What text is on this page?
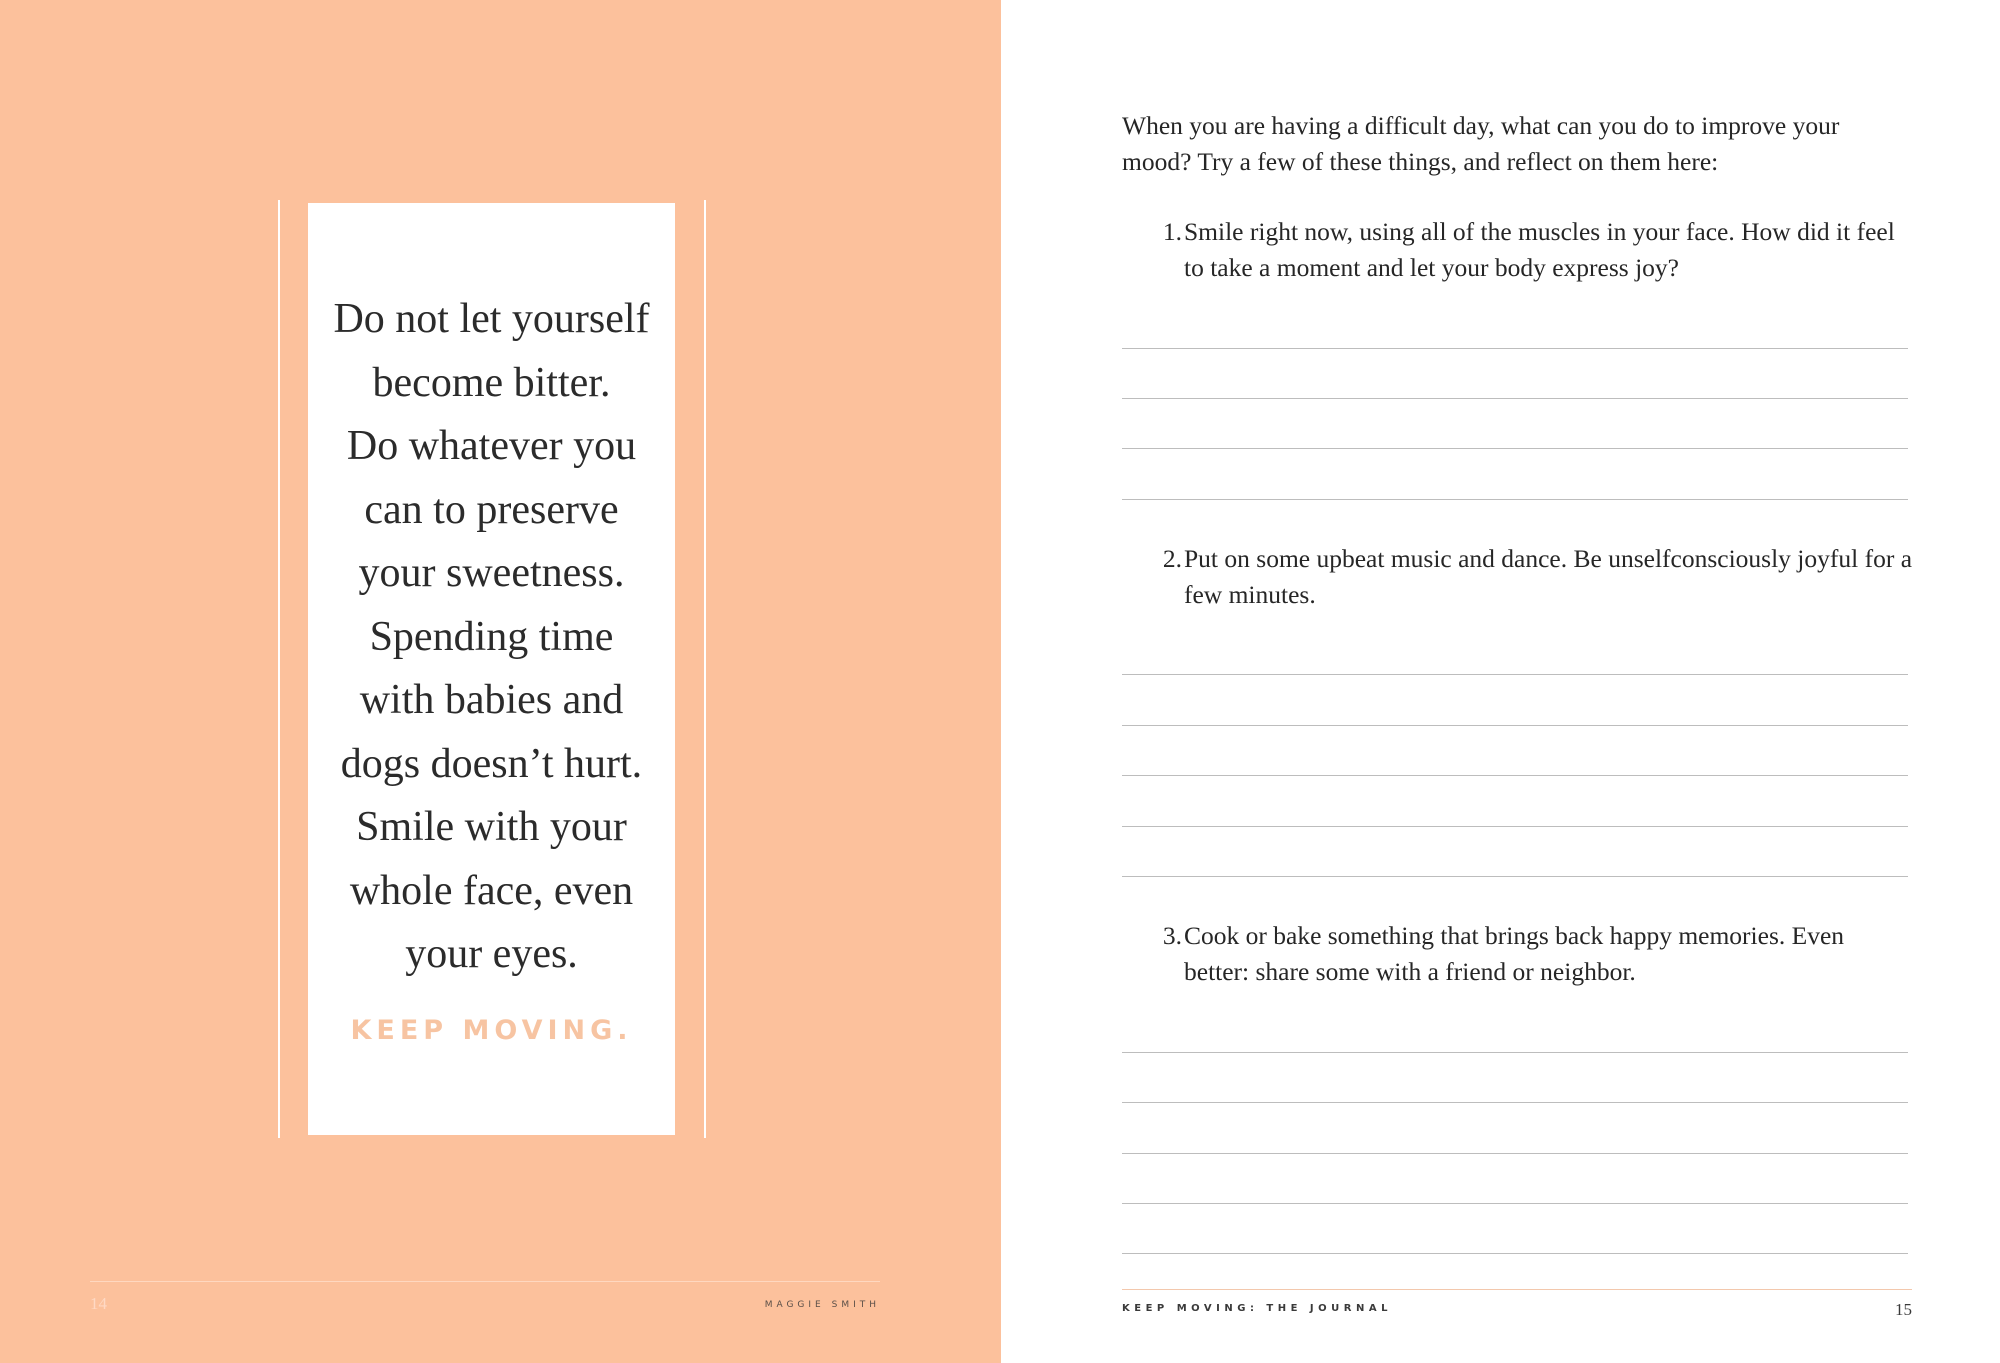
Do not let yourself
become bitter.
Do whatever you
can to preserve
your sweetness.
Spending time
with babies and
dogs doesn’t hurt.
Smile with your
whole face, even
your eyes.

KEEP MOVING.
14	MAGGIE SMITH

When you are having a difficult day, what can you do to improve your mood? Try a few of these things, and reflect on them here:

1. Smile right now, using all of the muscles in your face. How did it feel to take a moment and let your body express joy?
2. Put on some upbeat music and dance. Be unselfconsciously joyful for a few minutes.
3. Cook or bake something that brings back happy memories. Even better: share some with a friend or neighbor.
KEEP MOVING: THE JOURNAL	15
